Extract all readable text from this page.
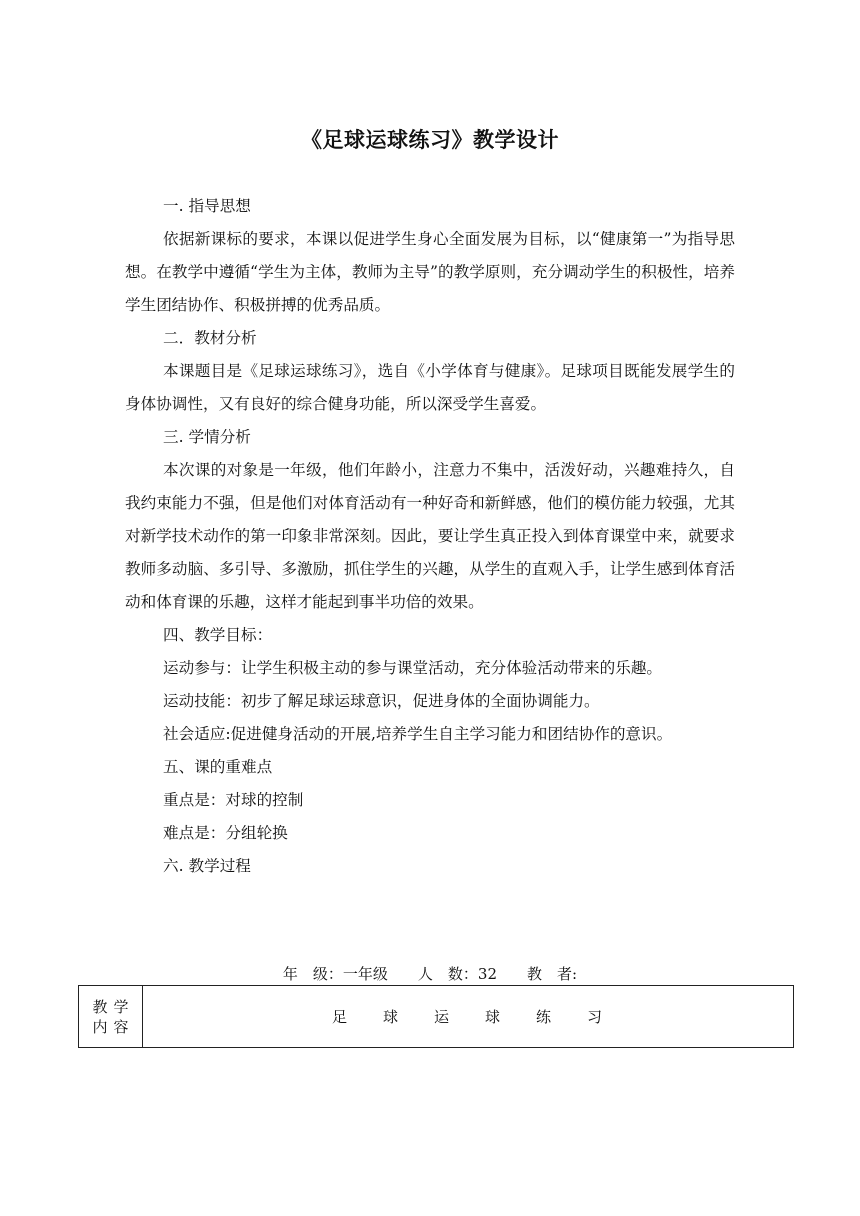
《足球运球练习》教学设计

一. 指导思想

依据新课标的要求，本课以促进学生身心全面发展为目标，以“健康第一”为指导思想。在教学中遵循“学生为主体，教师为主导”的教学原则，充分调动学生的积极性，培养学生团结协作、积极拼搏的优秀品质。

二．教材分析

本课题目是《足球运球练习》，选自《小学体育与健康》。足球项目既能发展学生的身体协调性，又有良好的综合健身功能，所以深受学生喜爱。

三. 学情分析

本次课的对象是一年级，他们年龄小，注意力不集中，活泼好动，兴趣难持久，自我约束能力不强，但是他们对体育活动有一种好奇和新鲜感，他们的模仿能力较强，尤其对新学技术动作的第一印象非常深刻。因此，要让学生真正投入到体育课堂中来，就要求教师多动脑、多引导、多激励，抓住学生的兴趣，从学生的直观入手，让学生感到体育活动和体育课的乐趣，这样才能起到事半功倍的效果。

四、教学目标：

运动参与：让学生积极主动的参与课堂活动，充分体验活动带来的乐趣。

运动技能：初步了解足球运球意识，促进身体的全面协调能力。

社会适应:促进健身活动的开展,培养学生自主学习能力和团结协作的意识。

五、课的重难点

重点是：对球的控制

难点是：分组轮换

六. 教学过程

年　级：一年级　　人　数：32　　教　者:
教学
内容
	足　　球　　运　　球　　练　　习
